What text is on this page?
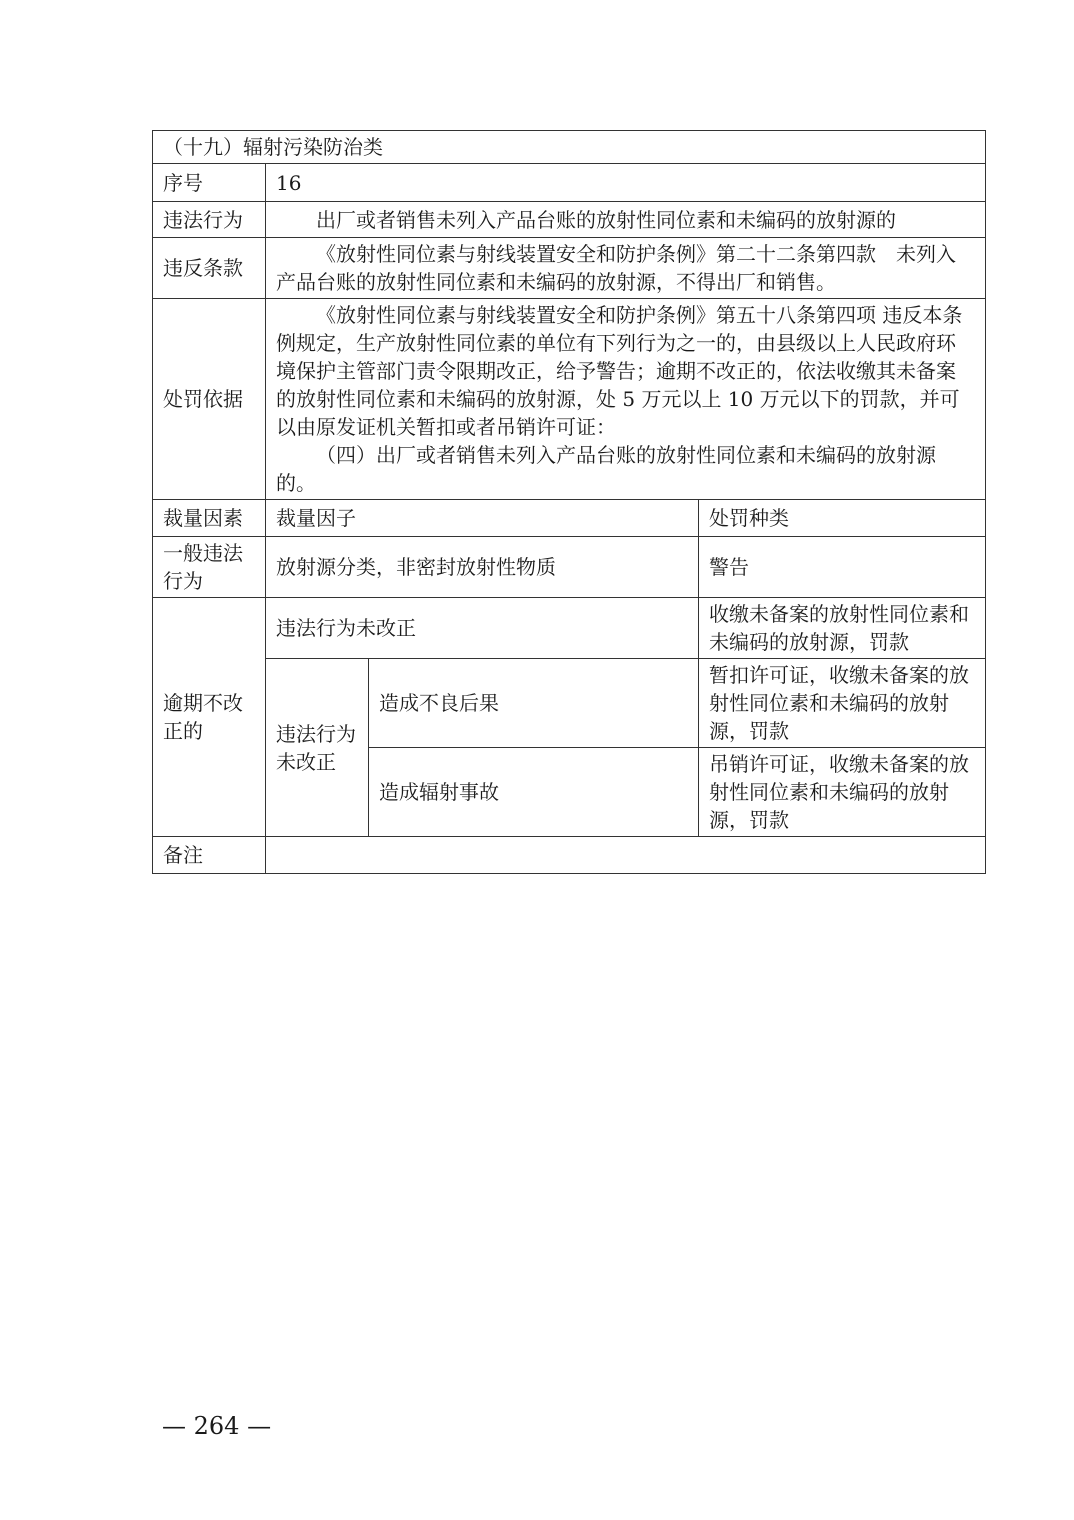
（十九）辐射污染防治类			
序号	16		
违法行为	出厂或者销售未列入产品台账的放射性同位素和未编码的放射源的		
违反条款	《放射性同位素与射线装置安全和防护条例》第二十二条第四款　未列入产品台账的放射性同位素和未编码的放射源，不得出厂和销售。		
处罚依据	《放射性同位素与射线装置安全和防护条例》第五十八条第四项 违反本条例规定，生产放射性同位素的单位有下列行为之一的，由县级以上人民政府环境保护主管部门责令限期改正，给予警告；逾期不改正的，依法收缴其未备案的放射性同位素和未编码的放射源，处 5 万元以上 10 万元以下的罚款，并可以由原发证机关暂扣或者吊销许可证：
（四）出厂或者销售未列入产品台账的放射性同位素和未编码的放射源的。		

裁量因素	裁量因子		处罚种类
一般违法行为	放射源分类，非密封放射性物质		警告
逾期不改正的	违法行为未改正		收缴未备案的放射性同位素和未编码的放射源，罚款
	违法行为未改正	造成不良后果	暂扣许可证，收缴未备案的放射性同位素和未编码的放射源，罚款
		造成辐射事故	吊销许可证，收缴未备案的放射性同位素和未编码的放射源，罚款
备注			
— 264 —
